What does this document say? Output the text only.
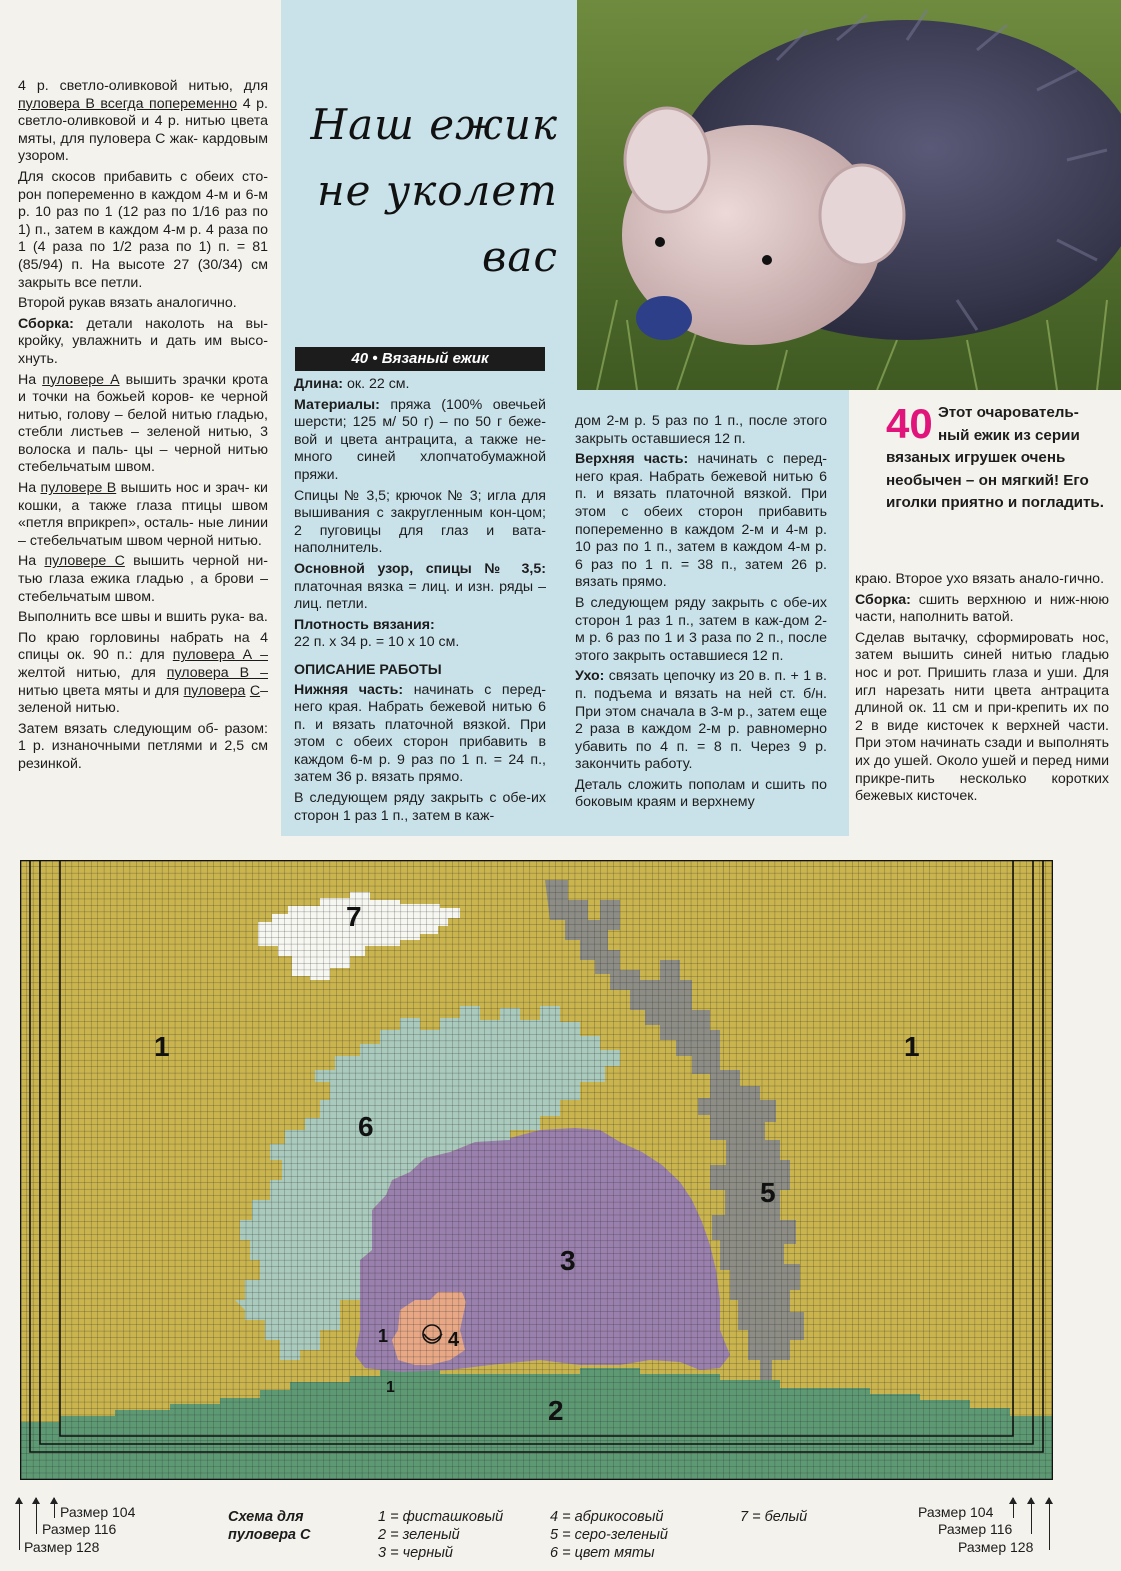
4 р. светло-оливковой нитью, для пуловера В всегда попеременно 4 р. светло-оливковой и 4 р. нитью цвета мяты, для пуловера С жак- кардовым узором.

Для скосов прибавить с обеих сто- рон попеременно в каждом 4-м и 6-м р. 10 раз по 1 (12 раз по 1/16 раз по 1) п., затем в каждом 4-м р. 4 раза по 1 (4 раза по 1/2 раза по 1) п. = 81 (85/94) п. На высоте 27 (30/34) см закрыть все петли.

Второй рукав вязать аналогично.

Сборка: детали наколоть на вы- кройку, увлажнить и дать им высо- хнуть.

На пуловере А вышить зрачки крота и точки на божьей коров- ке черной нитью, голову – белой нитью гладью, стебли листьев – зеленой нитью, 3 волоска и паль- цы – черной нитью стебельчатым швом.

На пуловере В вышить нос и зрач- ки кошки, а также глаза птицы швом «петля вприкреп», осталь- ные линии – стебельчатым швом черной нитью.

На пуловере С вышить черной ни- тью глаза ежика гладью , а брови – стебельчатым швом.

Выполнить все швы и вшить рука- ва.

По краю горловины набрать на 4 спицы ок. 90 п.: для пуловера А – желтой нитью, для пуловера В – нитью цвета мяты и для пуловера С– зеленой нитью.

Затем вязать следующим об- разом: 1 р. изнаночными петлями и 2,5 см резинкой.

Наш ежик
не уколет
вас
40 • Вязаный ежик

Длина: ок. 22 см.

Материалы: пряжа (100% овечьей шерсти; 125 м/ 50 г) – по 50 г беже-вой и цвета антрацита, а также не-много синей хлопчатобумажной пряжи.

Спицы № 3,5; крючок № 3; игла для вышивания с закругленным кон-цом; 2 пуговицы для глаз и вата-наполнитель.

Основной узор, спицы № 3,5: платочная вязка = лиц. и изн. ряды – лиц. петли.

Плотность вязания:

22 п. х 34 р. = 10 х 10 см.

ОПИСАНИЕ РАБОТЫ

Нижняя часть: начинать с перед-него края. Набрать бежевой нитью 6 п. и вязать платочной вязкой. При этом с обеих сторон прибавить в каждом 6-м р. 9 раз по 1 п. = 24 п., затем 36 р. вязать прямо.

В следующем ряду закрыть с обе-их сторон 1 раз 1 п., затем в каж-

дом 2-м р. 5 раз по 1 п., после этого закрыть оставшиеся 12 п.

Верхняя часть: начинать с перед-него края. Набрать бежевой нитью 6 п. и вязать платочной вязкой. При этом с обеих сторон прибавить попеременно в каждом 2-м и 4-м р. 10 раз по 1 п., затем в каждом 4-м р. 6 раз по 1 п. = 38 п., затем 26 р. вязать прямо.

В следующем ряду закрыть с обе-их сторон 1 раз 1 п., затем в каж-дом 2-м р. 6 раз по 1 и 3 раза по 2 п., после этого закрыть оставшиеся 12 п.

Ухо: связать цепочку из 20 в. п. + 1 в. п. подъема и вязать на ней ст. б/н. При этом сначала в 3-м р., затем еще 2 раза в каждом 2-м р. равномерно убавить по 4 п. = 8 п. Через 9 р. закончить работу.

Деталь сложить пополам и сшить по боковым краям и верхнему

40 Этот очарователь-
ный ежик из серии
вязаных игрушек очень
необычен – он мягкий! Его
иголки приятно и погладить.

краю. Второе ухо вязать анало-гично.

Сборка: сшить верхнюю и ниж-нюю части, наполнить ватой.

Сделав вытачку, сформировать нос, затем вышить синей нитью гладью нос и рот. Пришить глаза и уши. Для игл нарезать нити цвета антрацита длиной ок. 11 см и при-крепить их по 2 в виде кисточек к верхней части. При этом начинать сзади и выполнять их до ушей. Около ушей и перед ними прикре-пить несколько коротких бежевых кисточек.

7
1	1
6
5
3
1	4
1
2
Размер 104
Размер 116
Размер 128
Размер 104
Размер 116
Размер 128
Схема для пуловера С
1 = фисташковый
2 = зеленый
3 = черный
4 = абрикосовый
5 = серо-зеленый
6 = цвет мяты
7 = белый
